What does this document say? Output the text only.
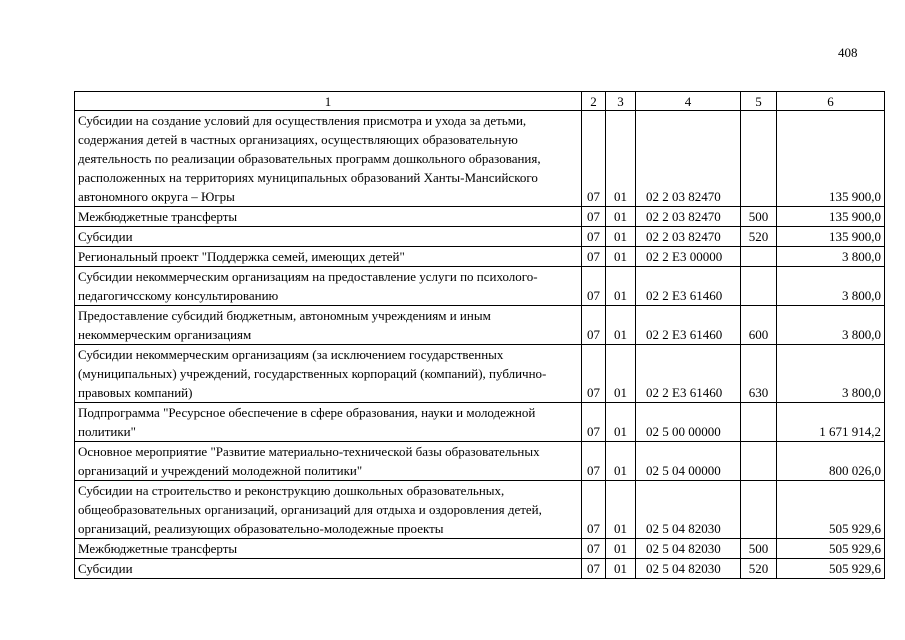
408
1	2	3	4	5	6
Субсидии на создание условий для осуществления присмотра и ухода за детьми, содержания детей в частных организациях, осуществляющих образовательную деятельность по реализации образовательных программ дошкольного образования, расположенных на территориях муниципальных образований Ханты-Мансийского автономного округа – Югры	07	01	02 2 03 82470		135 900,0
Межбюджетные трансферты	07	01	02 2 03 82470	500	135 900,0
Субсидии	07	01	02 2 03 82470	520	135 900,0
Региональный проект "Поддержка семей, имеющих детей"	07	01	02 2 E3 00000		3 800,0
Субсидии некоммерческим организациям на предоставление услуги по психолого-педагогичсскому консультированию	07	01	02 2 E3 61460		3 800,0
Предоставление субсидий бюджетным, автономным учреждениям и иным некоммерческим организациям	07	01	02 2 E3 61460	600	3 800,0
Субсидии некоммерческим организациям (за исключением государственных (муниципальных) учреждений, государственных корпораций (компаний), публично-правовых компаний)	07	01	02 2 E3 61460	630	3 800,0
Подпрограмма "Ресурсное обеспечение в сфере образования, науки и молодежной политики"	07	01	02 5 00 00000		1 671 914,2
Основное мероприятие "Развитие материально-технической базы образовательных организаций и учреждений молодежной политики"	07	01	02 5 04 00000		800 026,0
Субсидии на строительство и реконструкцию дошкольных образовательных, общеобразовательных организаций, организаций для отдыха и оздоровления детей, организаций, реализующих образовательно-молодежные проекты	07	01	02 5 04 82030		505 929,6
Межбюджетные трансферты	07	01	02 5 04 82030	500	505 929,6
Субсидии	07	01	02 5 04 82030	520	505 929,6
